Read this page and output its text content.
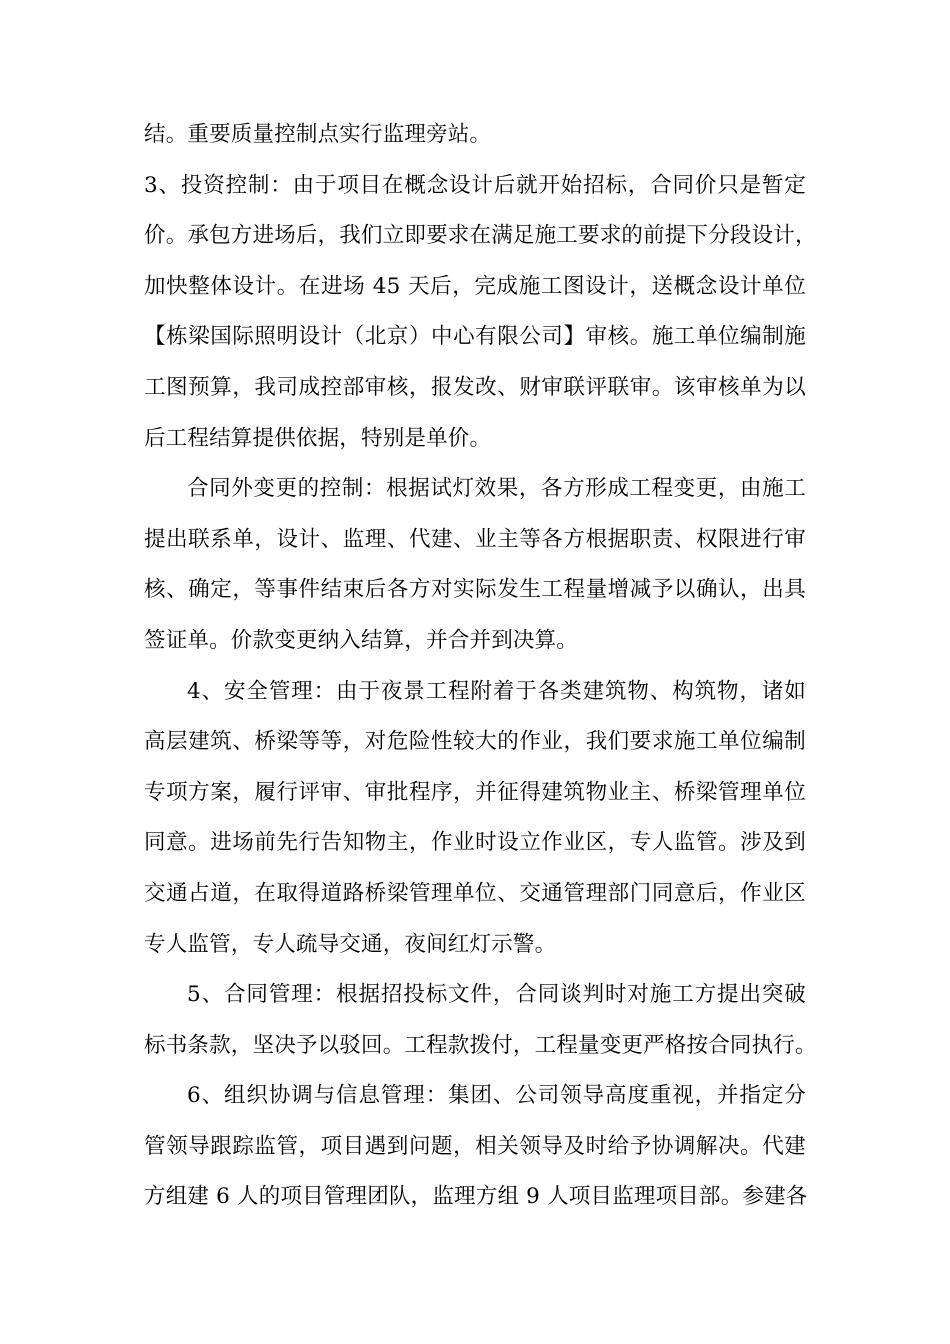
结。重要质量控制点实行监理旁站。
3、投资控制：由于项目在概念设计后就开始招标，合同价只是暂定
价。承包方进场后，我们立即要求在满足施工要求的前提下分段设计，
加快整体设计。在进场 45 天后，完成施工图设计，送概念设计单位
【栋梁国际照明设计（北京）中心有限公司】审核。施工单位编制施
工图预算，我司成控部审核，报发改、财审联评联审。该审核单为以
后工程结算提供依据，特别是单价。
合同外变更的控制：根据试灯效果，各方形成工程变更，由施工
提出联系单，设计、监理、代建、业主等各方根据职责、权限进行审
核、确定，等事件结束后各方对实际发生工程量增减予以确认，出具
签证单。价款变更纳入结算，并合并到决算。
4、安全管理：由于夜景工程附着于各类建筑物、构筑物，诸如
高层建筑、桥梁等等，对危险性较大的作业，我们要求施工单位编制
专项方案，履行评审、审批程序，并征得建筑物业主、桥梁管理单位
同意。进场前先行告知物主，作业时设立作业区，专人监管。涉及到
交通占道，在取得道路桥梁管理单位、交通管理部门同意后，作业区
专人监管，专人疏导交通，夜间红灯示警。
5、合同管理：根据招投标文件，合同谈判时对施工方提出突破
标书条款，坚决予以驳回。工程款拨付，工程量变更严格按合同执行。
6、组织协调与信息管理：集团、公司领导高度重视，并指定分
管领导跟踪监管，项目遇到问题，相关领导及时给予协调解决。代建
方组建 6 人的项目管理团队，监理方组 9 人项目监理项目部。参建各
